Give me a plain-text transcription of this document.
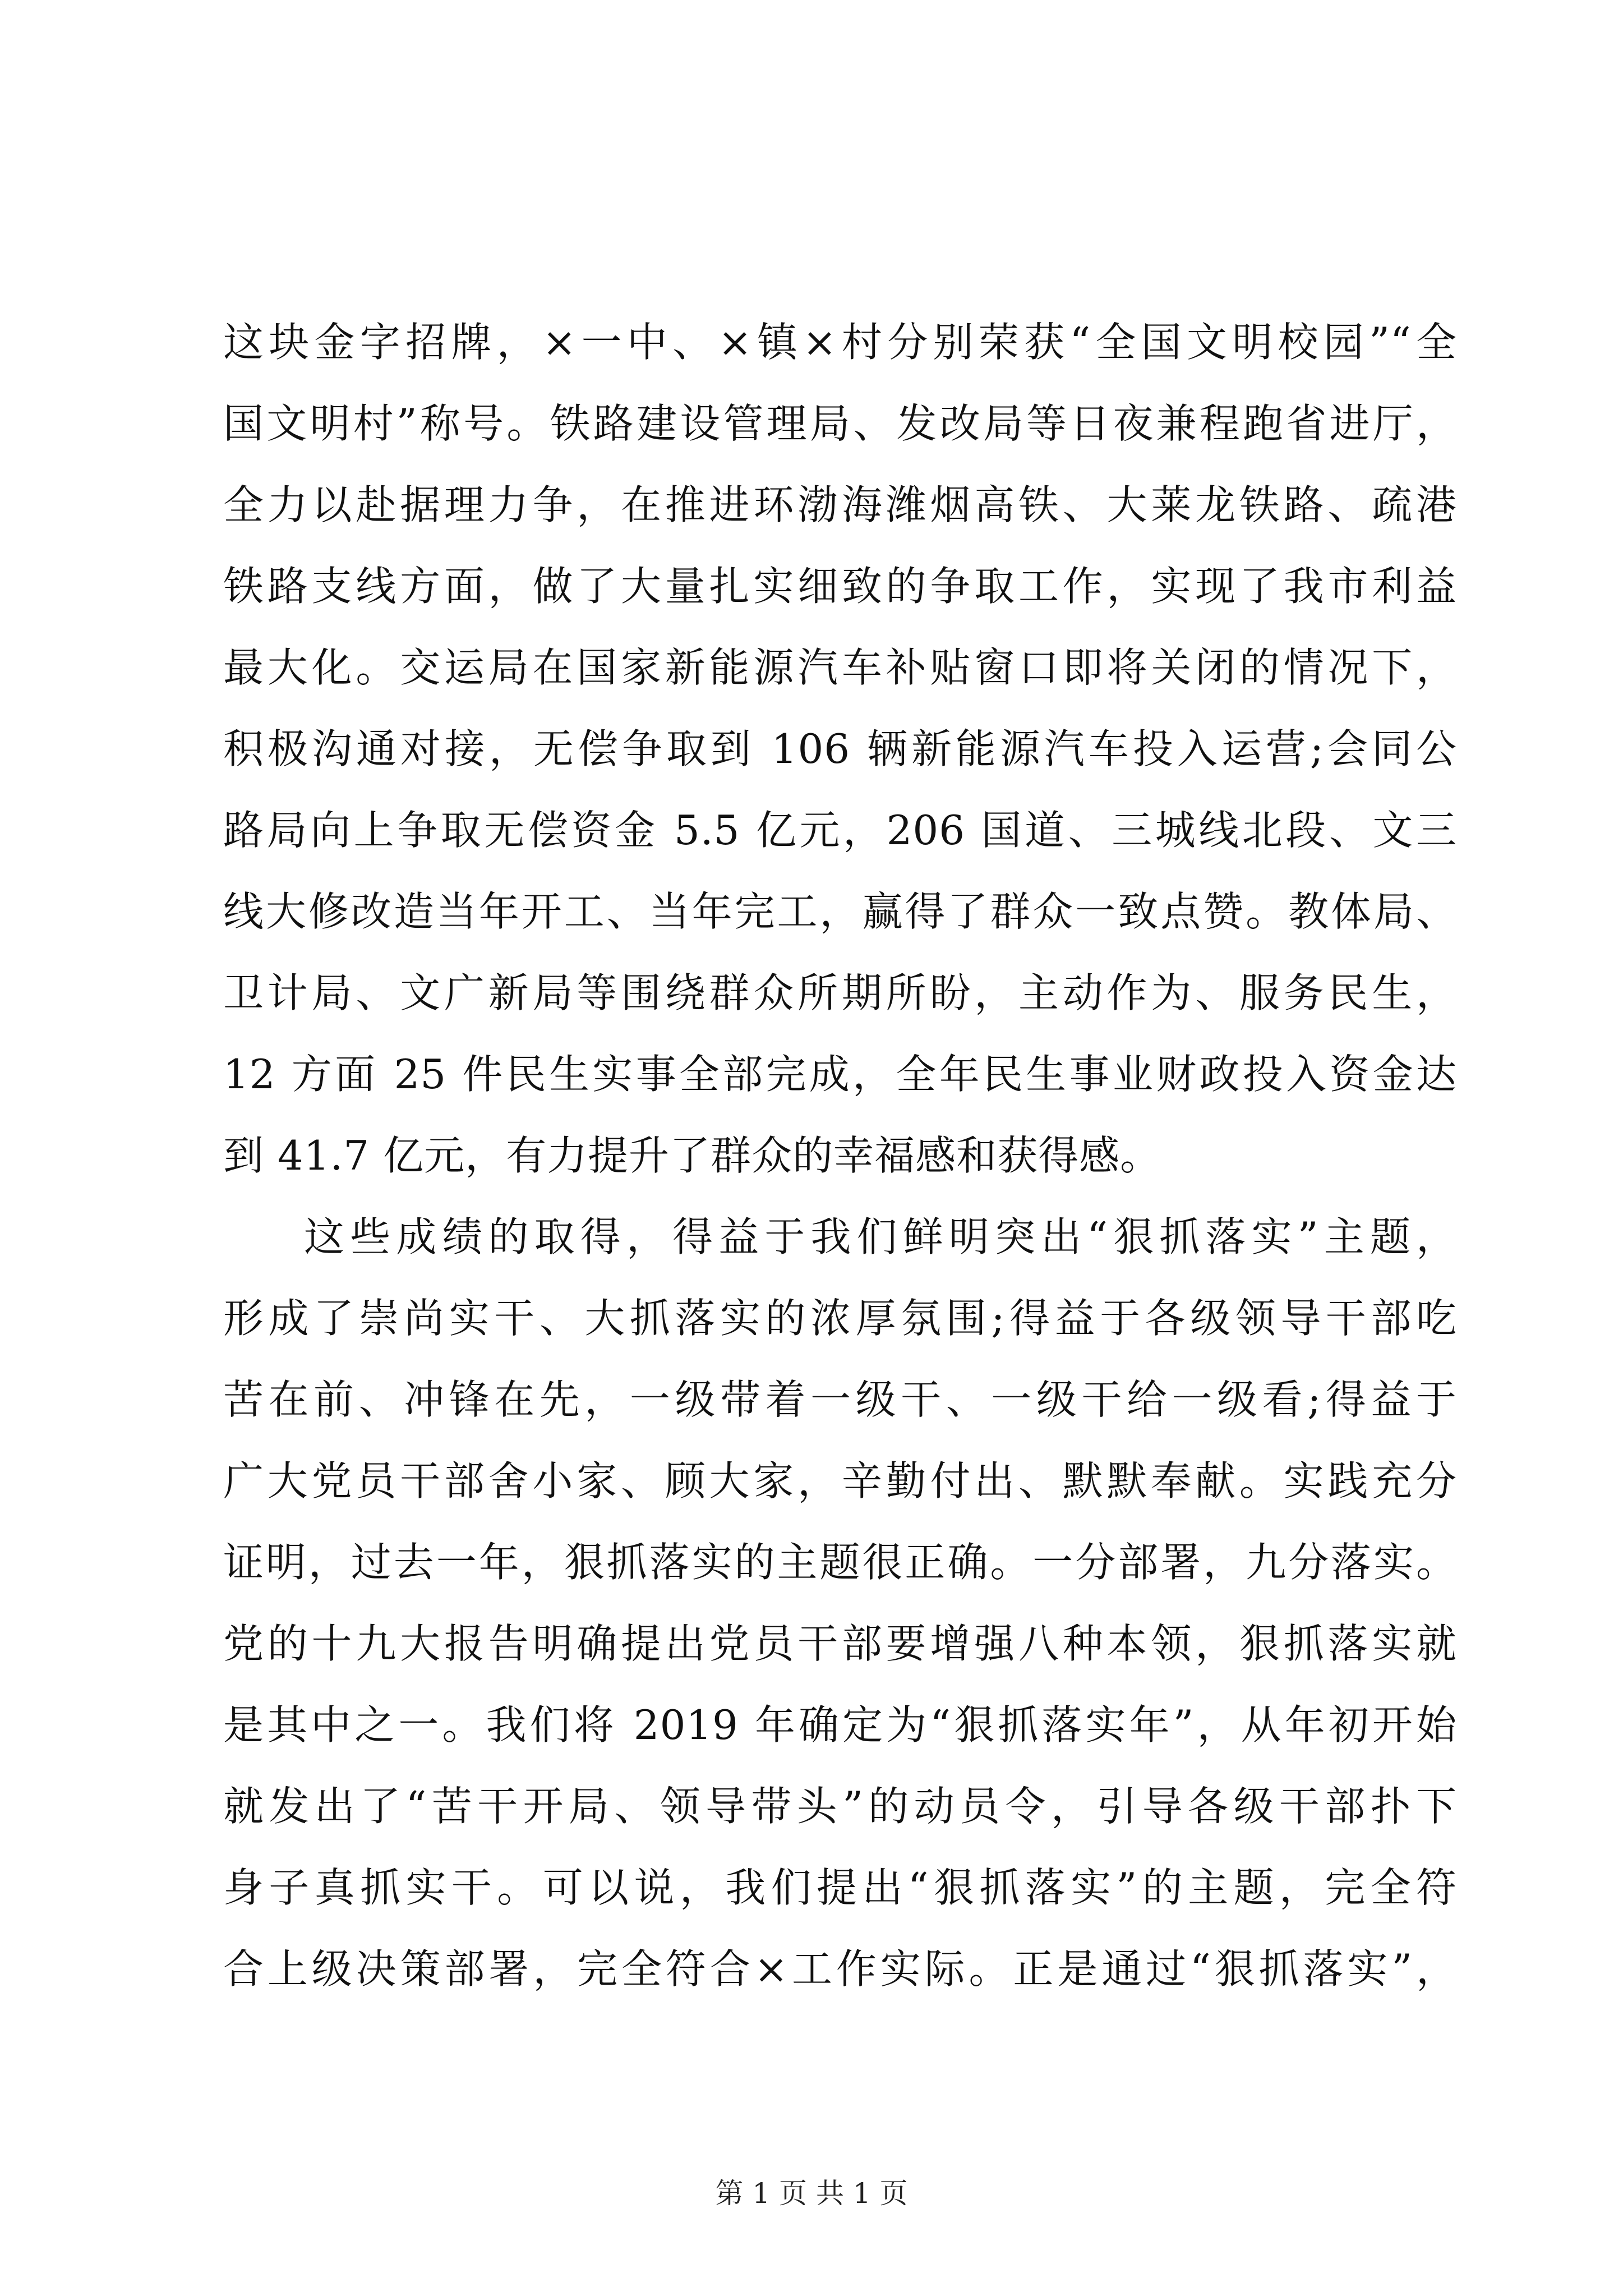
这块金字招牌，×一中、×镇×村分别荣获“全国文明校园”“全
国文明村”称号。铁路建设管理局、发改局等日夜兼程跑省进厅，
全力以赴据理力争，在推进环渤海潍烟高铁、大莱龙铁路、疏港
铁路支线方面，做了大量扎实细致的争取工作，实现了我市利益
最大化。交运局在国家新能源汽车补贴窗口即将关闭的情况下，
积极沟通对接，无偿争取到 106 辆新能源汽车投入运营;会同公
路局向上争取无偿资金 5.5 亿元，206 国道、三城线北段、文三
线大修改造当年开工、当年完工，赢得了群众一致点赞。教体局、
卫计局、文广新局等围绕群众所期所盼，主动作为、服务民生，
12 方面 25 件民生实事全部完成，全年民生事业财政投入资金达
到 41.7 亿元，有力提升了群众的幸福感和获得感。
这些成绩的取得，得益于我们鲜明突出“狠抓落实”主题，
形成了崇尚实干、大抓落实的浓厚氛围;得益于各级领导干部吃
苦在前、冲锋在先，一级带着一级干、一级干给一级看;得益于
广大党员干部舍小家、顾大家，辛勤付出、默默奉献。实践充分
证明，过去一年，狠抓落实的主题很正确。一分部署，九分落实。
党的十九大报告明确提出党员干部要增强八种本领，狠抓落实就
是其中之一。我们将 2019 年确定为“狠抓落实年”，从年初开始
就发出了“苦干开局、领导带头”的动员令，引导各级干部扑下
身子真抓实干。可以说，我们提出“狠抓落实”的主题，完全符
合上级决策部署，完全符合×工作实际。正是通过“狠抓落实”，
第 1 页 共 1 页
